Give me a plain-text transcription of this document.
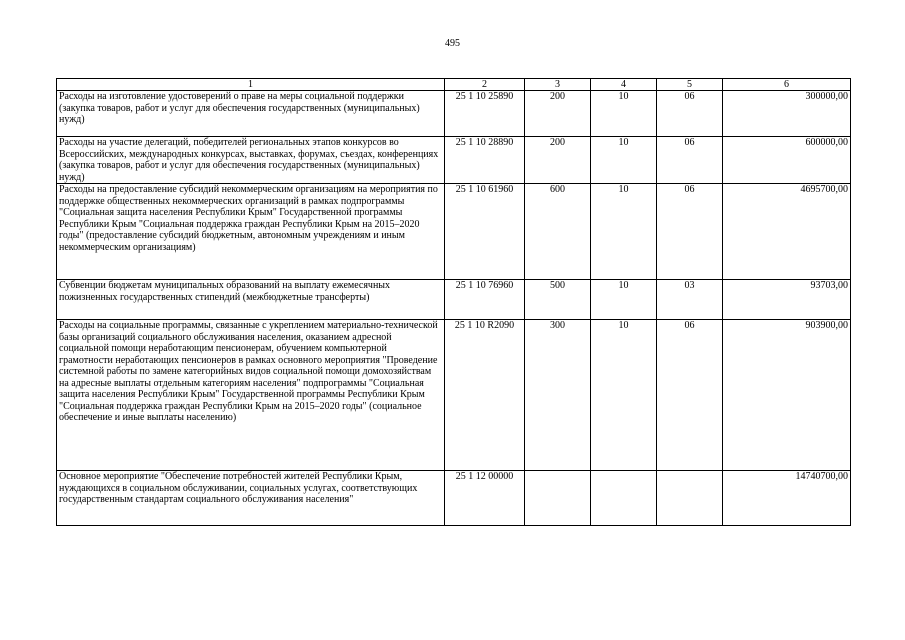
495
1	2	3	4	5	6
Расходы на изготовление удостоверений о праве на меры социальной поддержки (закупка товаров, работ и услуг для обеспечения государственных (муниципальных) нужд)	25 1 10 25890	200	10	06	300000,00
Расходы на участие делегаций, победителей региональных этапов конкурсов во Всероссийских, международных конкурсах, выставках, форумах, съездах, конференциях (закупка товаров, работ и услуг для обеспечения государственных (муниципальных) нужд)	25 1 10 28890	200	10	06	600000,00
Расходы на предоставление субсидий некоммерческим организациям на мероприятия по поддержке общественных некоммерческих организаций в рамках подпрограммы "Социальная защита населения Республики Крым" Государственной программы Республики Крым "Социальная поддержка граждан Республики Крым на 2015–2020 годы" (предоставление субсидий бюджетным, автономным учреждениям и иным некоммерческим организациям)	25 1 10 61960	600	10	06	4695700,00
Субвенции бюджетам муниципальных образований на выплату ежемесячных пожизненных государственных стипендий (межбюджетные трансферты)	25 1 10 76960	500	10	03	93703,00
Расходы на социальные программы, связанные с укреплением материально-технической базы организаций социального обслуживания населения, оказанием адресной социальной помощи неработающим пенсионерам, обучением компьютерной грамотности неработающих пенсионеров в рамках основного мероприятия "Проведение системной работы по замене категорийных видов социальной помощи домохозяйствам на адресные выплаты отдельным категориям населения" подпрограммы "Социальная защита населения Республики Крым" Государственной программы Республики Крым "Социальная поддержка граждан Республики Крым на 2015–2020 годы" (социальное обеспечение и иные выплаты населению)	25 1 10 R2090	300	10	06	903900,00
Основное мероприятие "Обеспечение потребностей жителей Республики Крым, нуждающихся в социальном обслуживании, социальных услугах, соответствующих государственным стандартам социального обслуживания населения"	25 1 12 00000				14740700,00
